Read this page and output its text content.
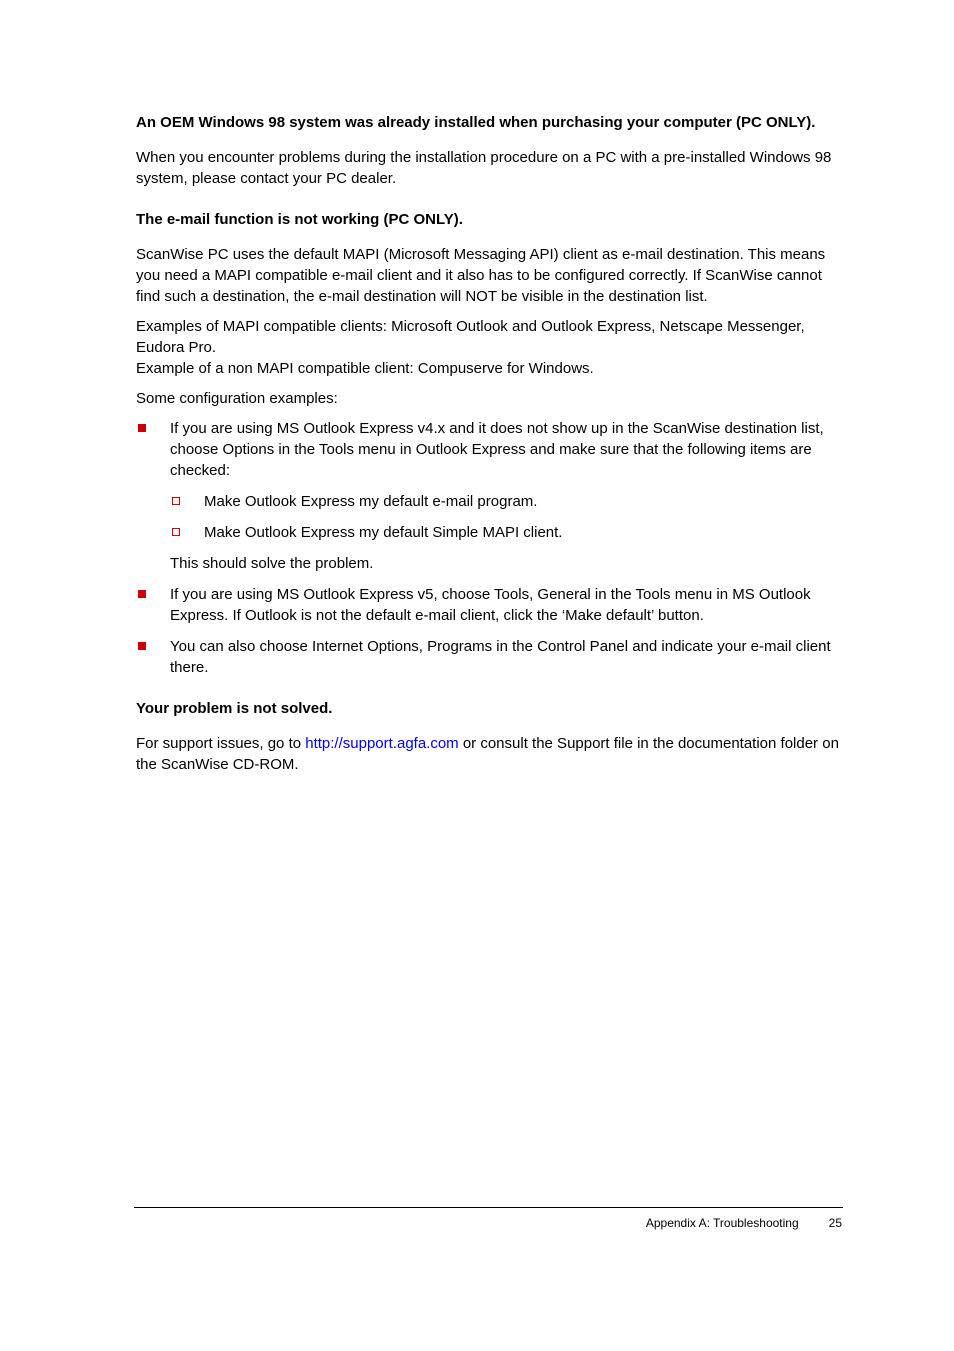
An OEM Windows 98 system was already installed when purchasing your computer (PC ONLY).
When you encounter problems during the installation procedure on a PC with a pre-installed Windows 98 system, please contact your PC dealer.
The e-mail function is not working (PC ONLY).
ScanWise PC uses the default MAPI (Microsoft Messaging API) client as e-mail destination. This means you need a MAPI compatible e-mail client and it also has to be configured correctly. If ScanWise cannot find such a destination, the e-mail destination will NOT be visible in the destination list.
Examples of MAPI compatible clients: Microsoft Outlook and Outlook Express, Netscape Messenger, Eudora Pro.
Example of a non MAPI compatible client: Compuserve for Windows.
Some configuration examples:
If you are using MS Outlook Express v4.x and it does not show up in the ScanWise destination list, choose Options in the Tools menu in Outlook Express and make sure that the following items are checked:
Make Outlook Express my default e-mail program.
Make Outlook Express my default Simple MAPI client.
This should solve the problem.
If you are using MS Outlook Express v5, choose Tools, General in the Tools menu in MS Outlook Express. If Outlook is not the default e-mail client, click the ‘Make default’ button.
You can also choose Internet Options, Programs in the Control Panel and indicate your e-mail client there.
Your problem is not solved.
For support issues, go to http://support.agfa.com or consult the Support file in the documentation folder on the ScanWise CD-ROM.
Appendix A: Troubleshooting	25
